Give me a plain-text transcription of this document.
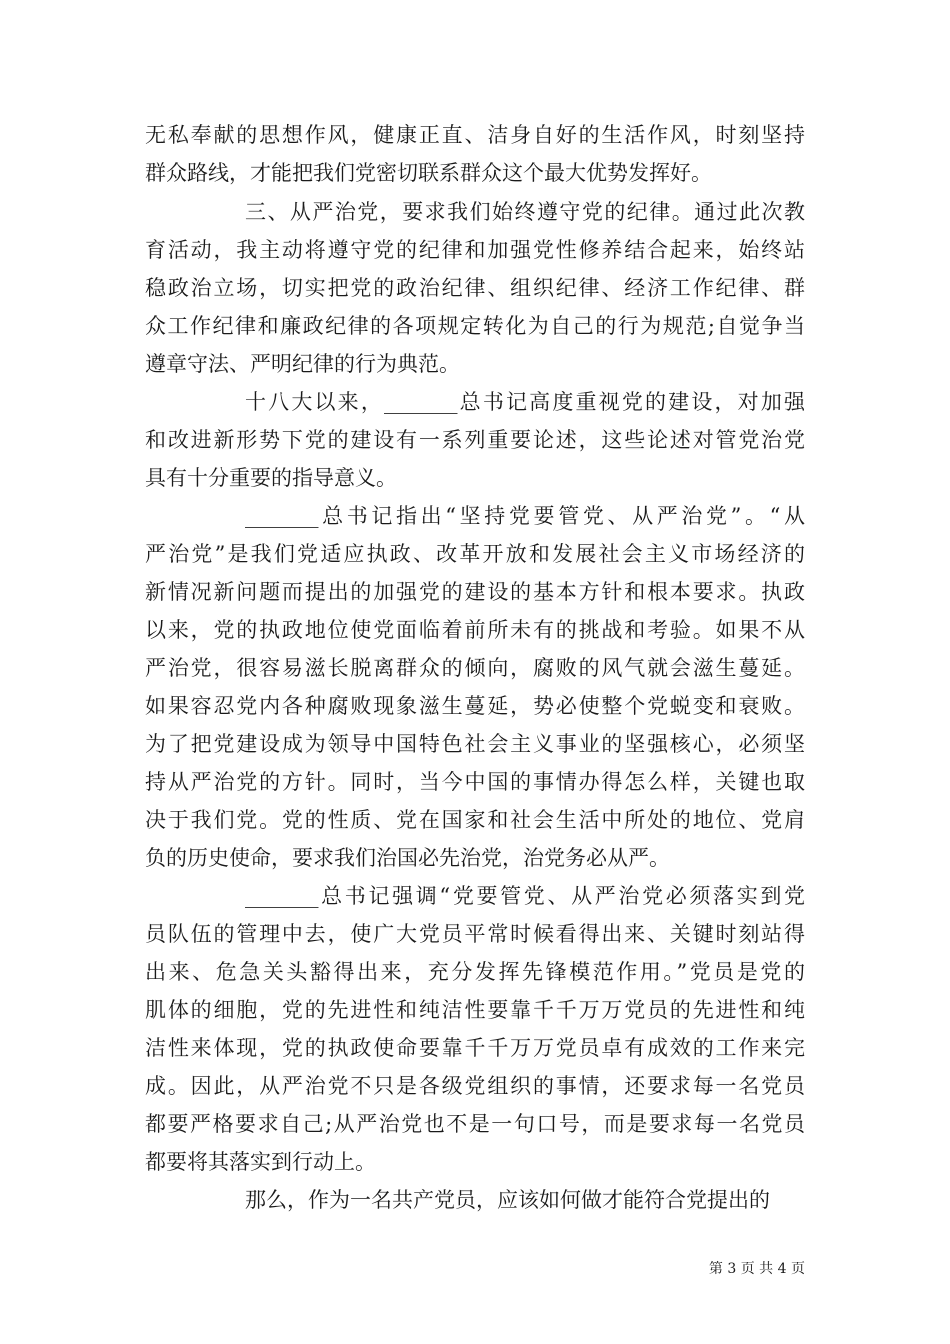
无私奉献的思想作风，健康正直、洁身自好的生活作风，时刻坚持
群众路线，才能把我们党密切联系群众这个最大优势发挥好。
三、从严治党，要求我们始终遵守党的纪律。通过此次教
育活动，我主动将遵守党的纪律和加强党性修养结合起来，始终站
稳政治立场，切实把党的政治纪律、组织纪律、经济工作纪律、群
众工作纪律和廉政纪律的各项规定转化为自己的行为规范;自觉争当
遵章守法、严明纪律的行为典范。
十八大以来，_______总书记高度重视党的建设，对加强
和改进新形势下党的建设有一系列重要论述，这些论述对管党治党
具有十分重要的指导意义。
_______总书记指出“坚持党要管党、从严治党”。“从
严治党”是我们党适应执政、改革开放和发展社会主义市场经济的
新情况新问题而提出的加强党的建设的基本方针和根本要求。执政
以来，党的执政地位使党面临着前所未有的挑战和考验。如果不从
严治党，很容易滋长脱离群众的倾向，腐败的风气就会滋生蔓延。
如果容忍党内各种腐败现象滋生蔓延，势必使整个党蜕变和衰败。
为了把党建设成为领导中国特色社会主义事业的坚强核心，必须坚
持从严治党的方针。同时，当今中国的事情办得怎么样，关键也取
决于我们党。党的性质、党在国家和社会生活中所处的地位、党肩
负的历史使命，要求我们治国必先治党，治党务必从严。
_______总书记强调“党要管党、从严治党必须落实到党
员队伍的管理中去，使广大党员平常时候看得出来、关键时刻站得
出来、危急关头豁得出来，充分发挥先锋模范作用。”党员是党的
肌体的细胞，党的先进性和纯洁性要靠千千万万党员的先进性和纯
洁性来体现，党的执政使命要靠千千万万党员卓有成效的工作来完
成。因此，从严治党不只是各级党组织的事情，还要求每一名党员
都要严格要求自己;从严治党也不是一句口号，而是要求每一名党员
都要将其落实到行动上。
那么，作为一名共产党员，应该如何做才能符合党提出的
第 3 页 共 4 页
